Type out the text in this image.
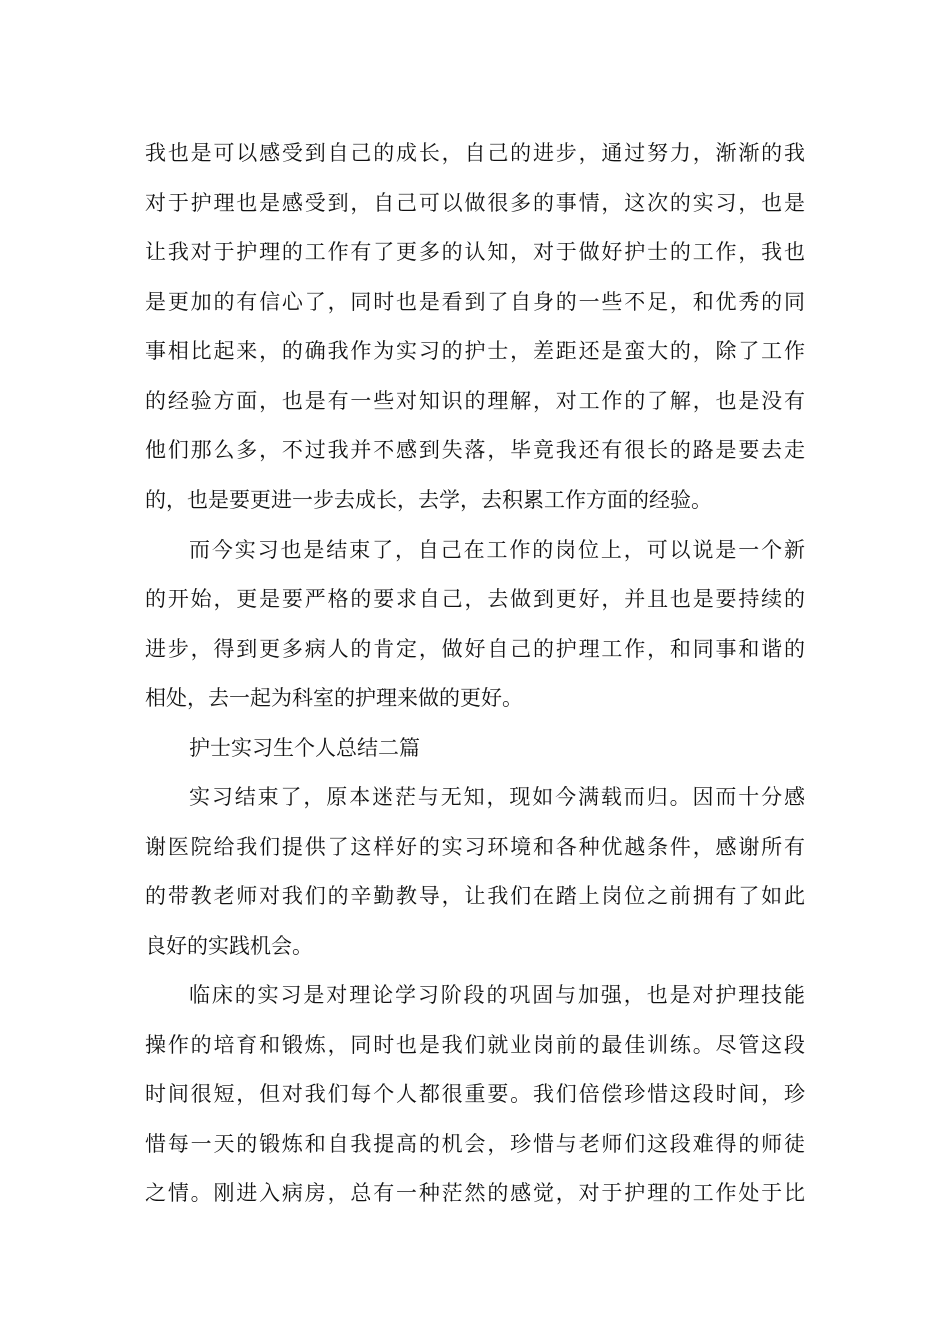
我也是可以感受到自己的成长，自己的进步，通过努力，渐渐的我
对于护理也是感受到，自己可以做很多的事情，这次的实习，也是
让我对于护理的工作有了更多的认知，对于做好护士的工作，我也
是更加的有信心了，同时也是看到了自身的一些不足，和优秀的同
事相比起来，的确我作为实习的护士，差距还是蛮大的，除了工作
的经验方面，也是有一些对知识的理解，对工作的了解，也是没有
他们那么多，不过我并不感到失落，毕竟我还有很长的路是要去走
的，也是要更进一步去成长，去学，去积累工作方面的经验。
而今实习也是结束了，自己在工作的岗位上，可以说是一个新
的开始，更是要严格的要求自己，去做到更好，并且也是要持续的
进步，得到更多病人的肯定，做好自己的护理工作，和同事和谐的
相处，去一起为科室的护理来做的更好。
护士实习生个人总结二篇
实习结束了，原本迷茫与无知，现如今满载而归。因而十分感
谢医院给我们提供了这样好的实习环境和各种优越条件，感谢所有
的带教老师对我们的辛勤教导，让我们在踏上岗位之前拥有了如此
良好的实践机会。
临床的实习是对理论学习阶段的巩固与加强，也是对护理技能
操作的培育和锻炼，同时也是我们就业岗前的最佳训练。尽管这段
时间很短，但对我们每个人都很重要。我们倍偿珍惜这段时间，珍
惜每一天的锻炼和自我提高的机会，珍惜与老师们这段难得的师徒
之情。刚进入病房，总有一种茫然的感觉，对于护理的工作处于比
